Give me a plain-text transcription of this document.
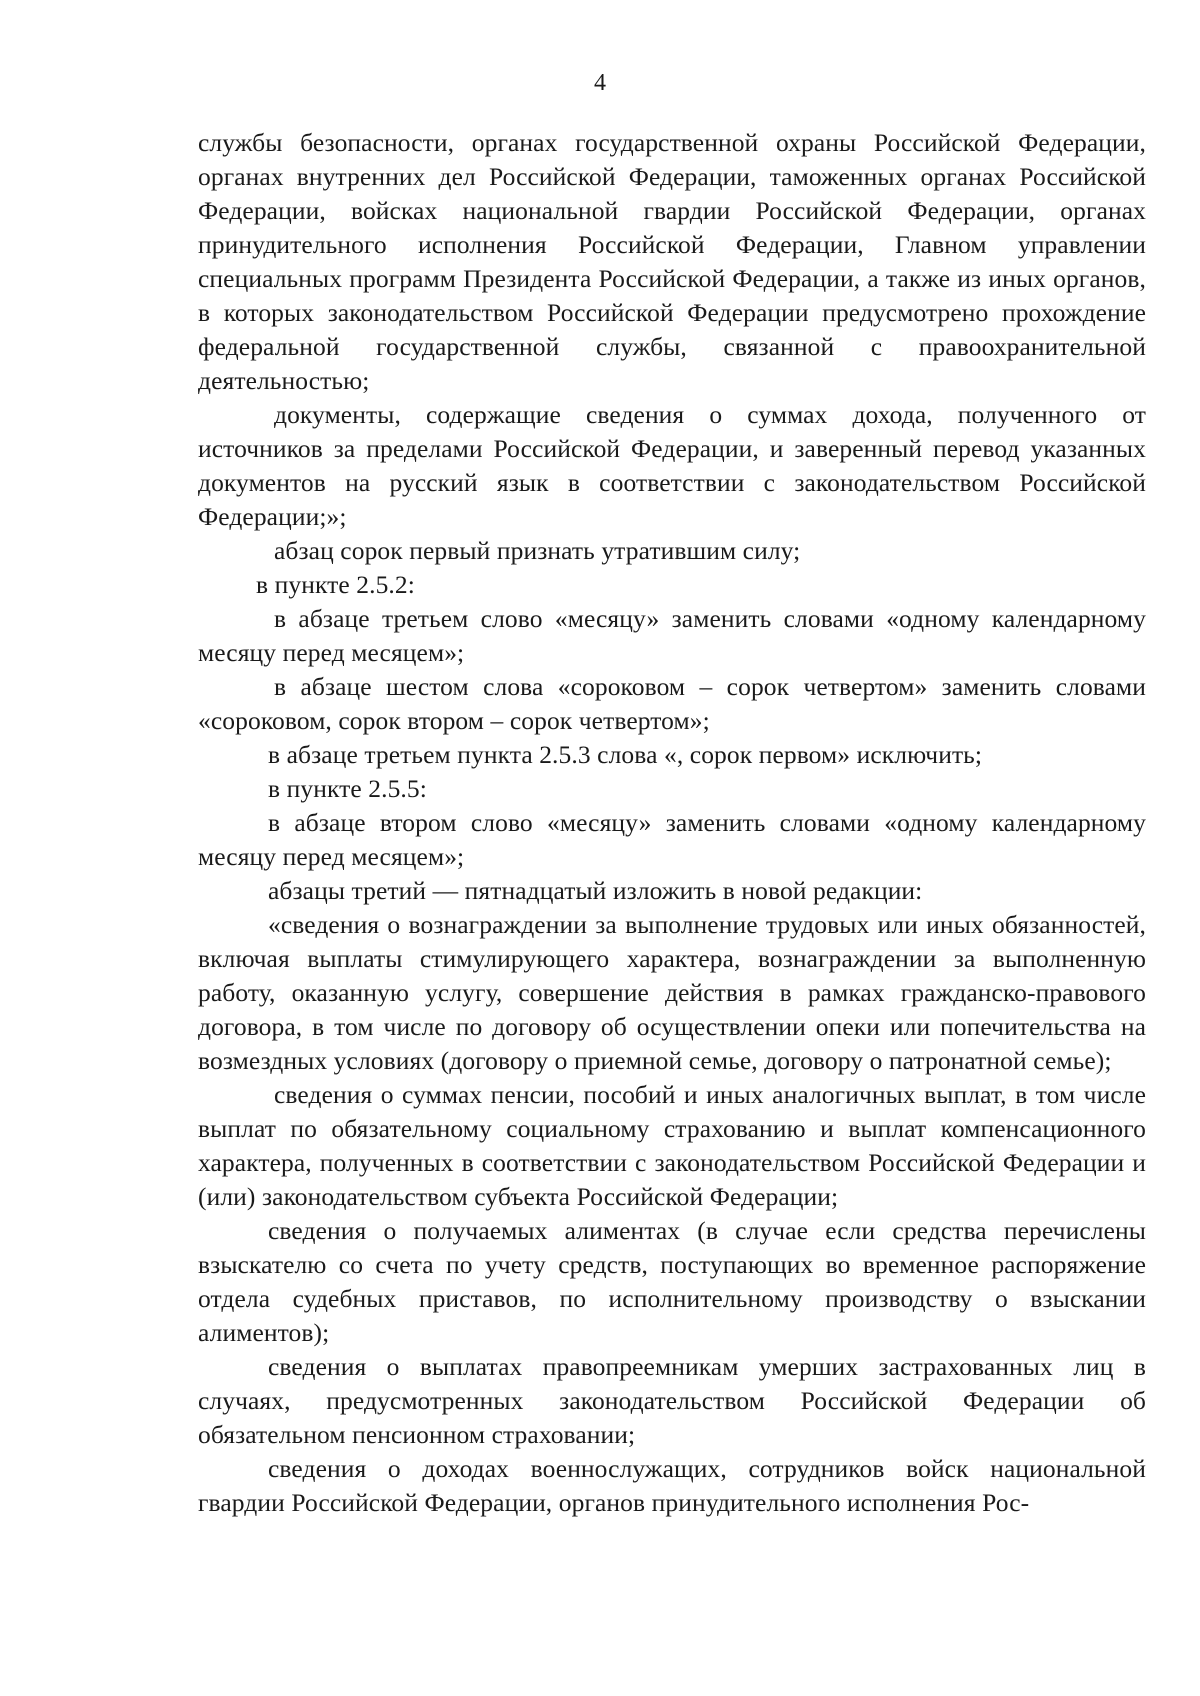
4

службы безопасности, органах государственной охраны Российской Федерации, органах внутренних дел Российской Федерации, таможенных органах Российской Федерации, войсках национальной гвардии Российской Федерации, органах принудительного исполнения Российской Федерации, Главном управлении специальных программ Президента Российской Федерации, а также из иных органов, в которых законодательством Российской Федерации предусмотрено прохождение федеральной государственной службы, связанной с правоохранительной деятельностью;

документы, содержащие сведения о суммах дохода, полученного от источников за пределами Российской Федерации, и заверенный перевод указанных документов на русский язык в соответствии с законодательством Российской Федерации;»;

абзац сорок первый признать утратившим силу;

в пункте 2.5.2:

в абзаце третьем слово «месяцу» заменить словами «одному календарному месяцу перед месяцем»;

в абзаце шестом слова «сороковом – сорок четвертом» заменить словами «сороковом, сорок втором – сорок четвертом»;

в абзаце третьем пункта 2.5.3 слова «, сорок первом» исключить;

в пункте 2.5.5:

в абзаце втором слово «месяцу» заменить словами «одному календарному месяцу перед месяцем»;

абзацы третий — пятнадцатый изложить в новой редакции:

«сведения о вознаграждении за выполнение трудовых или иных обязанностей, включая выплаты стимулирующего характера, вознаграждении за выполненную работу, оказанную услугу, совершение действия в рамках гражданско-правового договора, в том числе по договору об осуществлении опеки или попечительства на возмездных условиях (договору о приемной семье, договору о патронатной семье);

сведения о суммах пенсии, пособий и иных аналогичных выплат, в том числе выплат по обязательному социальному страхованию и выплат компенсационного характера, полученных в соответствии с законодательством Российской Федерации и (или) законодательством субъекта Российской Федерации;

сведения о получаемых алиментах (в случае если средства перечислены взыскателю со счета по учету средств, поступающих во временное распоряжение отдела судебных приставов, по исполнительному производству о взыскании алиментов);

сведения о выплатах правопреемникам умерших застрахованных лиц в случаях, предусмотренных законодательством Российской Федерации об обязательном пенсионном страховании;

сведения о доходах военнослужащих, сотрудников войск национальной гвардии Российской Федерации, органов принудительного исполнения Рос-
